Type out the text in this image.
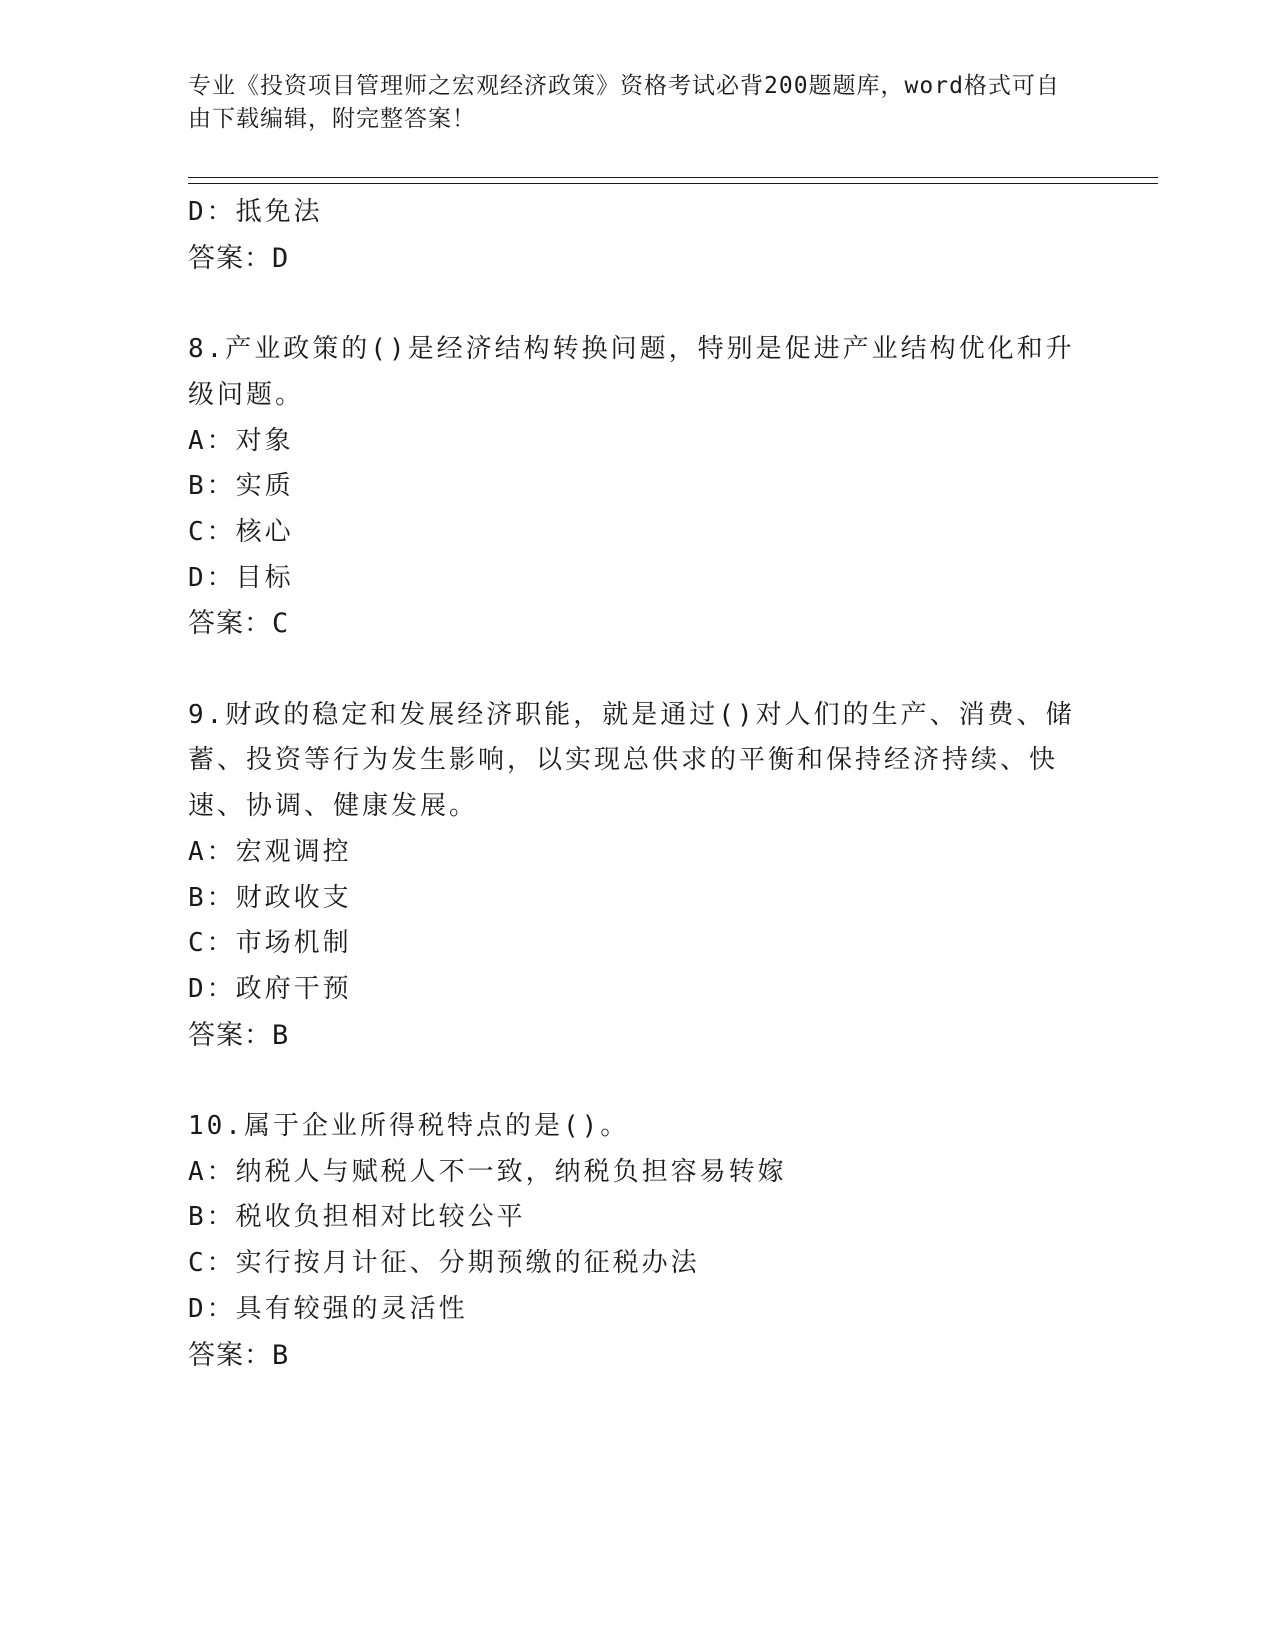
专业《投资项目管理师之宏观经济政策》资格考试必背200题题库，word格式可自由下载编辑，附完整答案！
D：抵免法
答案：D
8.产业政策的()是经济结构转换问题，特别是促进产业结构优化和升级问题。
A：对象
B：实质
C：核心
D：目标
答案：C
9.财政的稳定和发展经济职能，就是通过()对人们的生产、消费、储蓄、投资等行为发生影响，以实现总供求的平衡和保持经济持续、快速、协调、健康发展。
A：宏观调控
B：财政收支
C：市场机制
D：政府干预
答案：B
10.属于企业所得税特点的是()。
A：纳税人与赋税人不一致，纳税负担容易转嫁
B：税收负担相对比较公平
C：实行按月计征、分期预缴的征税办法
D：具有较强的灵活性
答案：B
